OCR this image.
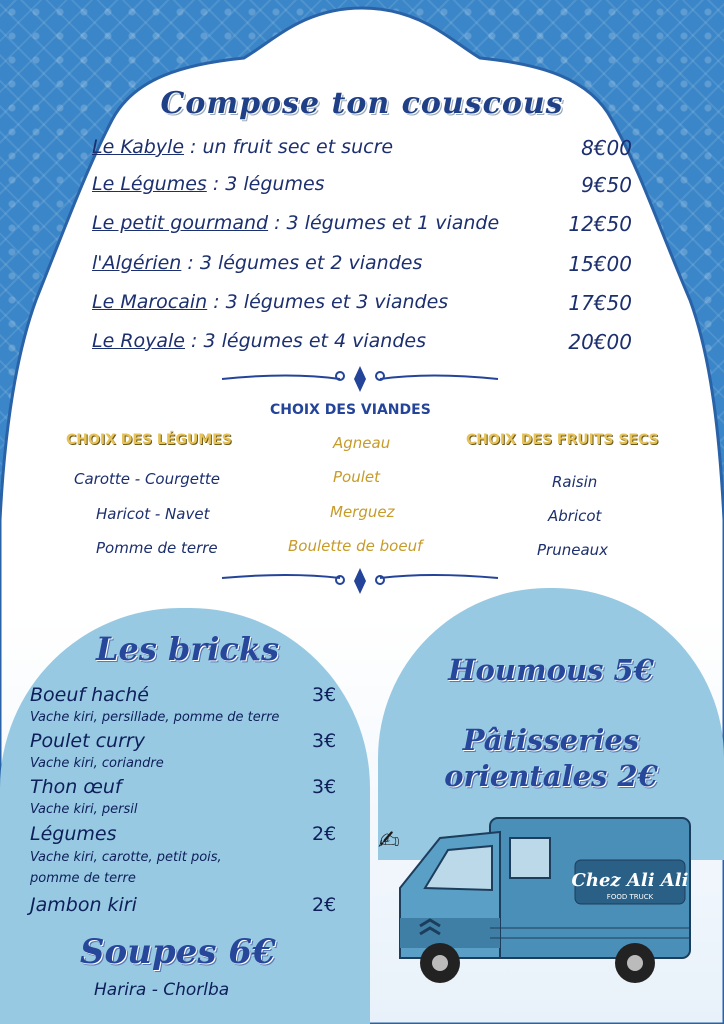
Compose ton couscous
Le Kabyle : un fruit sec et sucre	8€00
Le Légumes : 3 légumes	9€50
Le petit gourmand : 3 légumes et 1 viande	12€50
l'Algérien : 3 légumes et 2 viandes	15€00
Le Marocain : 3 légumes et 3 viandes	17€50
Le Royale : 3 légumes et 4 viandes	20€00
CHOIX DES VIANDES
CHOIX DES LÉGUMES	CHOIX DES FRUITS SECS
Carotte - Courgette
Haricot - Navet
Pomme de terre
Agneau
Poulet
Merguez
Boulette de boeuf
Raisin
Abricot
Pruneaux
Les bricks
Boeuf haché	3€
Vache kiri, persillade, pomme de terre
Poulet curry	3€
Vache kiri, coriandre
Thon œuf	3€
Vache kiri, persil
Légumes	2€
Vache kiri, carotte, petit pois,
pomme de terre
Jambon kiri	2€
Soupes 6€
Harira - Chorlba
Houmous 5€
Pâtisseries
orientales 2€
✍
Chez Ali Ali
FOOD TRUCK
